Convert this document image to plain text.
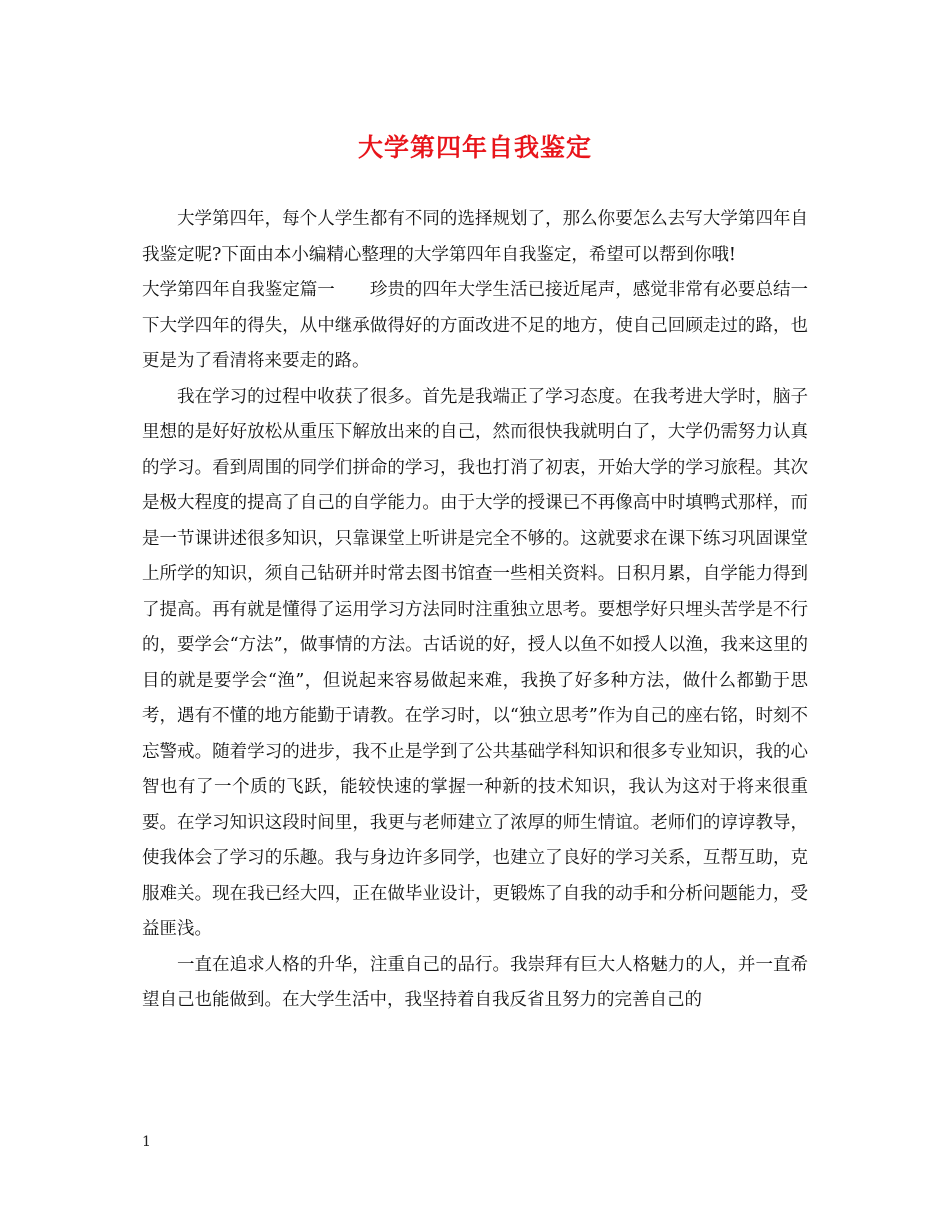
大学第四年自我鉴定

大学第四年，每个人学生都有不同的选择规划了，那么你要怎么去写大学第四年自我鉴定呢?下面由本小编精心整理的大学第四年自我鉴定，希望可以帮到你哦!

大学第四年自我鉴定篇一　　珍贵的四年大学生活已接近尾声，感觉非常有必要总结一下大学四年的得失，从中继承做得好的方面改进不足的地方，使自己回顾走过的路，也更是为了看清将来要走的路。

我在学习的过程中收获了很多。首先是我端正了学习态度。在我考进大学时，脑子里想的是好好放松从重压下解放出来的自己，然而很快我就明白了，大学仍需努力认真的学习。看到周围的同学们拼命的学习，我也打消了初衷，开始大学的学习旅程。其次是极大程度的提高了自己的自学能力。由于大学的授课已不再像高中时填鸭式那样，而是一节课讲述很多知识，只靠课堂上听讲是完全不够的。这就要求在课下练习巩固课堂上所学的知识，须自己钻研并时常去图书馆查一些相关资料。日积月累，自学能力得到了提高。再有就是懂得了运用学习方法同时注重独立思考。要想学好只埋头苦学是不行的，要学会“方法”，做事情的方法。古话说的好，授人以鱼不如授人以渔，我来这里的目的就是要学会“渔”，但说起来容易做起来难，我换了好多种方法，做什么都勤于思考，遇有不懂的地方能勤于请教。在学习时，以“独立思考”作为自己的座右铭，时刻不忘警戒。随着学习的进步，我不止是学到了公共基础学科知识和很多专业知识，我的心智也有了一个质的飞跃，能较快速的掌握一种新的技术知识，我认为这对于将来很重要。在学习知识这段时间里，我更与老师建立了浓厚的师生情谊。老师们的谆谆教导，使我体会了学习的乐趣。我与身边许多同学，也建立了良好的学习关系，互帮互助，克服难关。现在我已经大四，正在做毕业设计，更锻炼了自我的动手和分析问题能力，受益匪浅。

一直在追求人格的升华，注重自己的品行。我崇拜有巨大人格魅力的人，并一直希望自己也能做到。在大学生活中，我坚持着自我反省且努力的完善自己的

1
